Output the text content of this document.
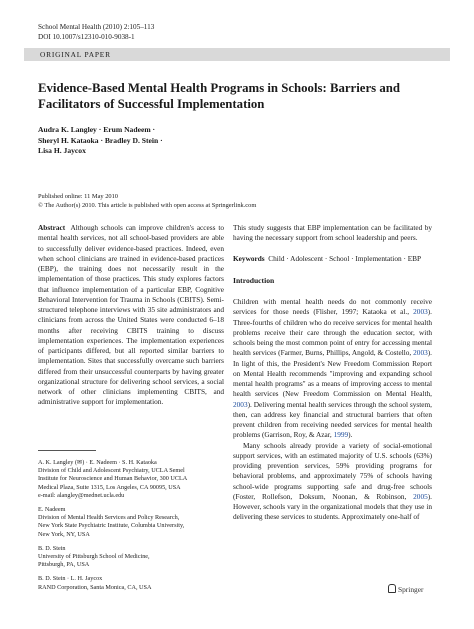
School Mental Health (2010) 2:105–113
DOI 10.1007/s12310-010-9038-1
ORIGINAL PAPER
Evidence-Based Mental Health Programs in Schools: Barriers and Facilitators of Successful Implementation
Audra K. Langley · Erum Nadeem ·
Sheryl H. Kataoka · Bradley D. Stein ·
Lisa H. Jaycox
Published online: 11 May 2010
© The Author(s) 2010. This article is published with open access at Springerlink.com
Abstract Although schools can improve children's access to mental health services, not all school-based providers are able to successfully deliver evidence-based practices. Indeed, even when school clinicians are trained in evidence-based practices (EBP), the training does not necessarily result in the implementation of those practices. This study explores factors that influence implementation of a particular EBP, Cognitive Behavioral Intervention for Trauma in Schools (CBITS). Semi-structured telephone interviews with 35 site administrators and clinicians from across the United States were conducted 6–18 months after receiving CBITS training to discuss implementation experiences. The implementation experiences of participants differed, but all reported similar barriers to implementation. Sites that successfully overcame such barriers differed from their unsuccessful counterparts by having greater organizational structure for delivering school services, a social network of other clinicians implementing CBITS, and administrative support for implementation.
A. K. Langley (✉) · E. Nadeem · S. H. Kataoka
Division of Child and Adolescent Psychiatry, UCLA Semel
Institute for Neuroscience and Human Behavior, 300 UCLA
Medical Plaza, Suite 1315, Los Angeles, CA 90095, USA
e-mail: alangley@mednet.ucla.edu
E. Nadeem
Division of Mental Health Services and Policy Research,
New York State Psychiatric Institute, Columbia University,
New York, NY, USA
B. D. Stein
University of Pittsburgh School of Medicine,
Pittsburgh, PA, USA
B. D. Stein · L. H. Jaycox
RAND Corporation, Santa Monica, CA, USA
This study suggests that EBP implementation can be facilitated by having the necessary support from school leadership and peers.
Keywords Child · Adolescent · School · Implementation · EBP
Introduction
Children with mental health needs do not commonly receive services for those needs (Flisher, 1997; Kataoka et al., 2003). Three-fourths of children who do receive services for mental health problems receive their care through the education sector, with schools being the most common point of entry for accessing mental health services (Farmer, Burns, Phillips, Angold, & Costello, 2003). In light of this, the President's New Freedom Commission Report on Mental Health recommends "improving and expanding school mental health programs" as a means of improving access to mental health services (New Freedom Commission on Mental Health, 2003). Delivering mental health services through the school system, then, can address key financial and structural barriers that often prevent children from receiving needed services for mental health problems (Garrison, Roy, & Azar, 1999).
Many schools already provide a variety of social-emotional support services, with an estimated majority of U.S. schools (63%) providing prevention services, 59% providing programs for behavioral problems, and approximately 75% of schools having school-wide programs supporting safe and drug-free schools (Foster, Rollefson, Doksum, Noonan, & Robinson, 2005). However, schools vary in the organizational models that they use in delivering these services to students. Approximately one-half of
Springer
